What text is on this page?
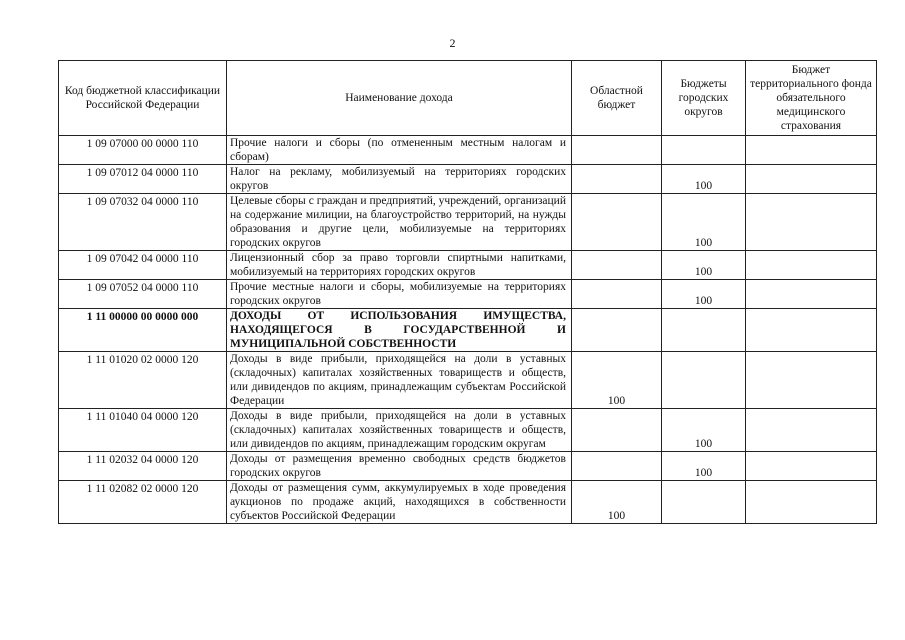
2
Код бюджетной классификации Российской Федерации	Наименование дохода	Областной бюджет	Бюджеты городских округов	Бюджет территориального фонда обязательного медицинского страхования
1 09 07000 00 0000 110	Прочие налоги и сборы (по отмененным местным налогам и сборам)			
1 09 07012 04 0000 110	Налог на рекламу, мобилизуемый на территориях городских округов		100	
1 09 07032 04 0000 110	Целевые сборы с граждан и предприятий, учреждений, организаций на содержание милиции, на благоустройство территорий, на нужды образования и другие цели, мобилизуемые на территориях городских округов		100	
1 09 07042 04 0000 110	Лицензионный сбор за право торговли спиртными напитками, мобилизуемый на территориях городских округов		100	
1 09 07052 04 0000 110	Прочие местные налоги и сборы, мобилизуемые на территориях городских округов		100	
1 11 00000 00 0000 000	ДОХОДЫ ОТ ИСПОЛЬЗОВАНИЯ ИМУЩЕСТВА, НАХОДЯЩЕГОСЯ В ГОСУДАРСТВЕННОЙ И МУНИЦИПАЛЬНОЙ СОБСТВЕННОСТИ			
1 11 01020 02 0000 120	Доходы в виде прибыли, приходящейся на доли в уставных (складочных) капиталах хозяйственных товариществ и обществ, или дивидендов по акциям, принадлежащим субъектам Российской Федерации	100		
1 11 01040 04 0000 120	Доходы в виде прибыли, приходящейся на доли в уставных (складочных) капиталах хозяйственных товариществ и обществ, или дивидендов по акциям, принадлежащим городским округам		100	
1 11 02032 04 0000 120	Доходы от размещения временно свободных средств бюджетов городских округов		100	
1 11 02082 02 0000 120	Доходы от размещения сумм, аккумулируемых в ходе проведения аукционов по продаже акций, находящихся в собственности субъектов Российской Федерации	100		
